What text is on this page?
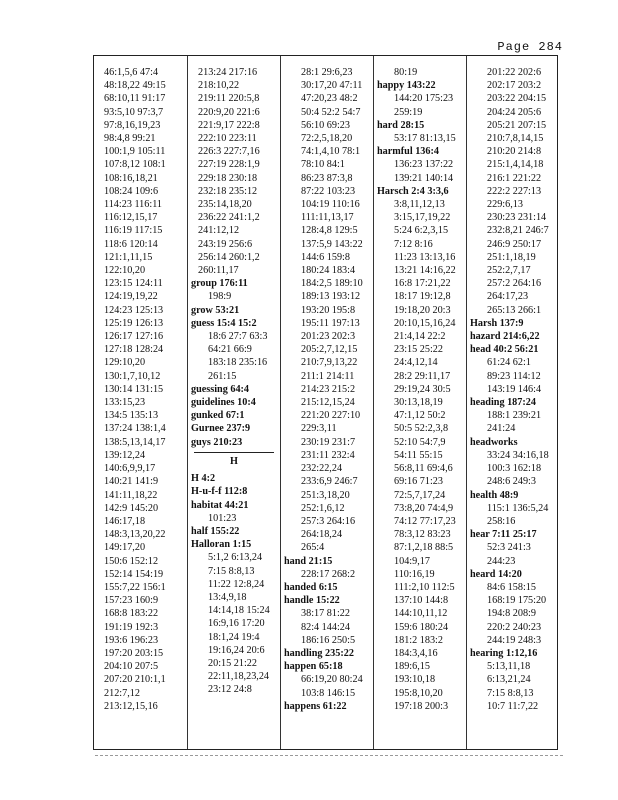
Page 284
46:1,5,6 47:4
48:18,22 49:15
68:10,11 91:17
93:5,10 97:3,7
97:8,16,19,23
98:4,8 99:21
100:1,9 105:11
107:8,12 108:1
108:16,18,21
108:24 109:6
114:23 116:11
116:12,15,17
116:19 117:15
118:6 120:14
121:1,11,15
122:10,20
123:15 124:11
124:19,19,22
124:23 125:13
125:19 126:13
126:17 127:16
127:18 128:24
129:10,20
130:1,7,10,12
130:14 131:15
133:15,23
134:5 135:13
137:24 138:1,4
138:5,13,14,17
139:12,24
140:6,9,9,17
140:21 141:9
141:11,18,22
142:9 145:20
146:17,18
148:3,13,20,22
149:17,20
150:6 152:12
152:14 154:19
155:7,22 156:1
157:23 160:9
168:8 183:22
191:19 192:3
193:6 196:23
197:20 203:15
204:10 207:5
207:20 210:1,1
212:7,12
213:12,15,16
213:24 217:16
218:10,22
219:11 220:5,8
220:9,20 221:6
221:9,17 222:8
222:10 223:11
226:3 227:7,16
227:19 228:1,9
229:18 230:18
232:18 235:12
235:14,18,20
236:22 241:1,2
241:12,12
243:19 256:6
256:14 260:1,2
260:11,17
group 176:11
198:9
grow 53:21
guess 15:4 15:2
18:6 27:7 63:3
64:21 66:9
183:18 235:16
261:15
guessing 64:4
guidelines 10:4
gunked 67:1
Gurnee 237:9
guys 210:23
H
H 4:2
H-u-f-f 112:8
habitat 44:21
101:23
half 155:22
Halloran 1:15
5:1,2 6:13,24
7:15 8:8,13
11:22 12:8,24
13:4,9,18
14:14,18 15:24
16:9,16 17:20
18:1,24 19:4
19:16,24 20:6
20:15 21:22
22:11,18,23,24
23:12 24:8
28:1 29:6,23
30:17,20 47:11
47:20,23 48:2
50:4 52:2 54:7
56:10 69:23
72:2,5,18,20
74:1,4,10 78:1
78:10 84:1
86:23 87:3,8
87:22 103:23
104:19 110:16
111:11,13,17
128:4,8 129:5
137:5,9 143:22
144:6 159:8
180:24 183:4
184:2,5 189:10
189:13 193:12
193:20 195:8
195:11 197:13
201:23 202:3
205:2,7,12,15
210:7,9,13,22
211:1 214:11
214:23 215:2
215:12,15,24
221:20 227:10
229:3,11
230:19 231:7
231:11 232:4
232:22,24
233:6,9 246:7
251:3,18,20
252:1,6,12
257:3 264:16
264:18,24
265:4
hand 21:15
228:17 268:2
handed 6:15
handle 15:22
38:17 81:22
82:4 144:24
186:16 250:5
handling 235:22
happen 65:18
66:19,20 80:24
103:8 146:15
happens 61:22
80:19
happy 143:22
144:20 175:23
259:19
hard 28:15
53:17 81:13,15
harmful 136:4
136:23 137:22
139:21 140:14
Harsch 2:4 3:3,6
3:8,11,12,13
3:15,17,19,22
5:24 6:2,3,15
7:12 8:16
11:23 13:13,16
13:21 14:16,22
16:8 17:21,22
18:17 19:12,8
19:18,20 20:3
20:10,15,16,24
21:4,14 22:2
23:15 25:22
24:4,12,14
28:2 29:11,17
29:19,24 30:5
30:13,18,19
47:1,12 50:2
50:5 52:2,3,8
52:10 54:7,9
54:11 55:15
56:8,11 69:4,6
69:16 71:23
72:5,7,17,24
73:8,20 74:4,9
74:12 77:17,23
78:3,12 83:23
87:1,2,18 88:5
104:9,17
110:16,19
111:2,10 112:5
137:10 144:8
144:10,11,12
159:6 180:24
181:2 183:2
184:3,4,16
189:6,15
193:10,18
195:8,10,20
197:18 200:3
201:22 202:6
202:17 203:2
203:22 204:15
204:24 205:6
205:21 207:15
210:7,8,14,15
210:20 214:8
215:1,4,14,18
216:1 221:22
222:2 227:13
229:6,13
230:23 231:14
232:8,21 246:7
246:9 250:17
251:1,18,19
252:2,7,17
257:2 264:16
264:17,23
265:13 266:1
Harsh 137:9
hazard 214:6,22
head 40:2 56:21
61:24 62:1
89:23 114:12
143:19 146:4
heading 187:24
188:1 239:21
241:24
headworks
33:24 34:16,18
100:3 162:18
248:6 249:3
health 48:9
115:1 136:5,24
258:16
hear 7:11 25:17
52:3 241:3
244:23
heard 14:20
84:6 158:15
168:19 175:20
194:8 208:9
220:2 240:23
244:19 248:3
hearing 1:12,16
5:13,11,18
6:13,21,24
7:15 8:8,13
10:7 11:7,22
